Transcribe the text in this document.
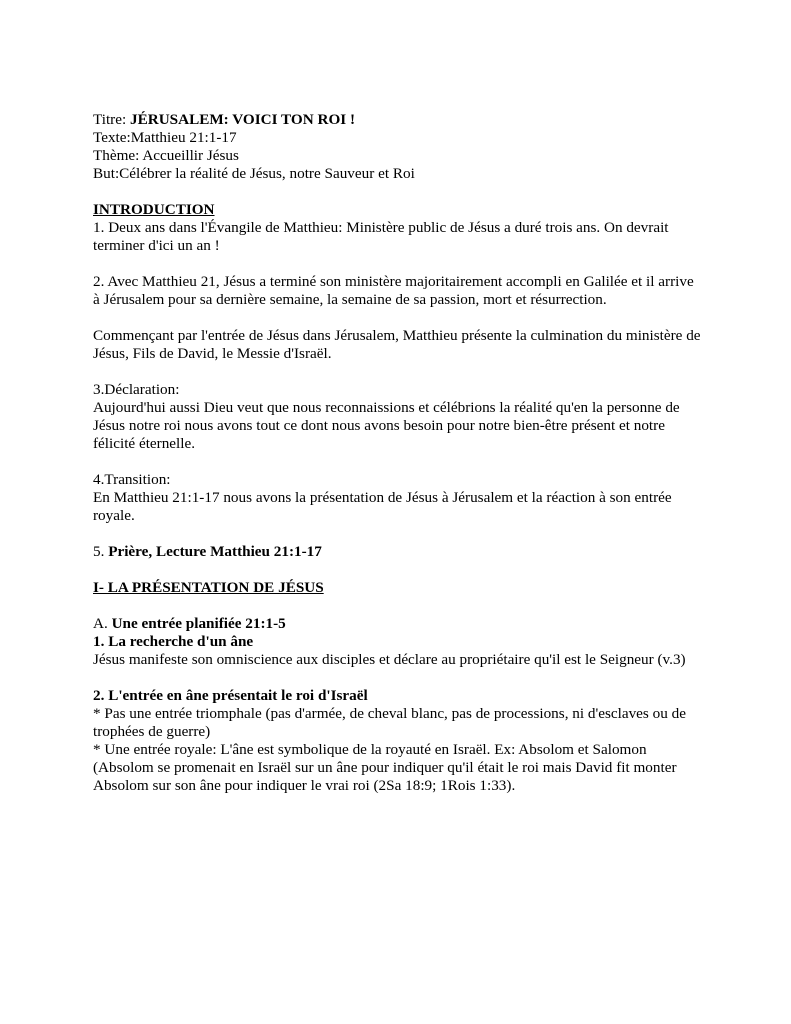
Titre: JÉRUSALEM: VOICI TON ROI !

Texte:Matthieu 21:1-17

Thème: Accueillir Jésus

But:Célébrer la réalité de Jésus, notre Sauveur et Roi

INTRODUCTION

1. Deux ans dans l'Évangile de Matthieu: Ministère public de Jésus a duré trois ans. On devrait terminer d'ici un an !

2. Avec Matthieu 21, Jésus a terminé son ministère majoritairement accompli en Galilée et il arrive à Jérusalem pour sa dernière semaine, la semaine de sa passion, mort et résurrection.

Commençant par l'entrée de Jésus dans Jérusalem, Matthieu présente la culmination du ministère de Jésus, Fils de David, le Messie d'Israël.

3.Déclaration:

Aujourd'hui aussi Dieu veut que nous reconnaissions et célébrions la réalité qu'en la personne de Jésus notre roi nous avons tout ce dont nous avons besoin pour notre bien-être présent et notre félicité éternelle.

4.Transition:

En Matthieu 21:1-17 nous avons la présentation de Jésus à Jérusalem et la réaction à son entrée royale.

5. Prière, Lecture Matthieu 21:1-17

I- LA PRÉSENTATION DE JÉSUS

A. Une entrée planifiée 21:1-5

1. La recherche d'un âne

Jésus manifeste son omniscience aux disciples et déclare au propriétaire qu'il est le Seigneur (v.3)

2. L'entrée en âne présentait le roi d'Israël

* Pas une entrée triomphale (pas d'armée, de cheval blanc, pas de processions, ni d'esclaves ou de trophées de guerre)

* Une entrée royale: L'âne est symbolique de la royauté en Israël. Ex: Absolom et Salomon (Absolom se promenait en Israël sur un âne pour indiquer qu'il était le roi mais David fit monter Absolom sur son âne pour indiquer le vrai roi (2Sa 18:9; 1Rois 1:33).
